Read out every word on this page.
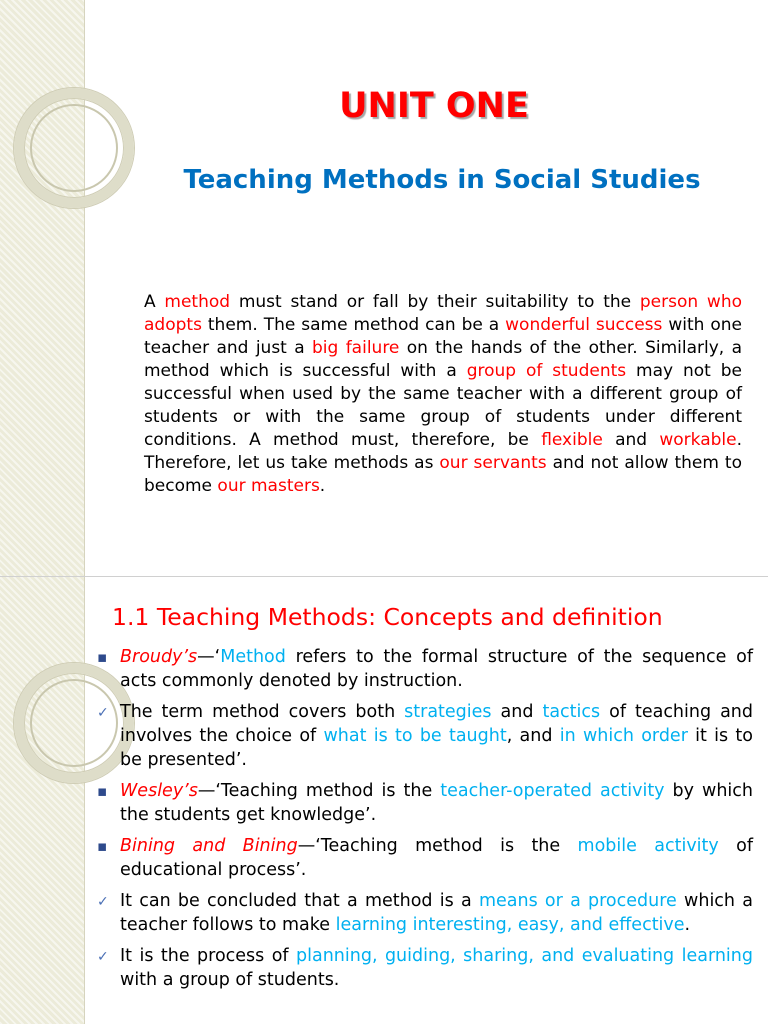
UNIT ONE
Teaching Methods in Social Studies

A method must stand or fall by their suitability to the person who adopts them. The same method can be a wonderful success with one teacher and just a big failure on the hands of the other. Similarly, a method which is successful with a group of students may not be successful when used by the same teacher with a different group of students or with the same group of students under different conditions. A method must, therefore, be flexible and workable. Therefore, let us take methods as our servants and not allow them to become our masters.

1.1 Teaching Methods: Concepts and definition
▪ Broudy’s—‘Method refers to the formal structure of the sequence of acts commonly denoted by instruction.
✓ The term method covers both strategies and tactics of teaching and involves the choice of what is to be taught, and in which order it is to be presented’.
▪ Wesley’s—‘Teaching method is the teacher-operated activity by which the students get knowledge’.
▪ Bining and Bining—‘Teaching method is the mobile activity of educational process’.
✓ It can be concluded that a method is a means or a procedure which a teacher follows to make learning interesting, easy, and effective.
✓ It is the process of planning, guiding, sharing, and evaluating learning with a group of students.
